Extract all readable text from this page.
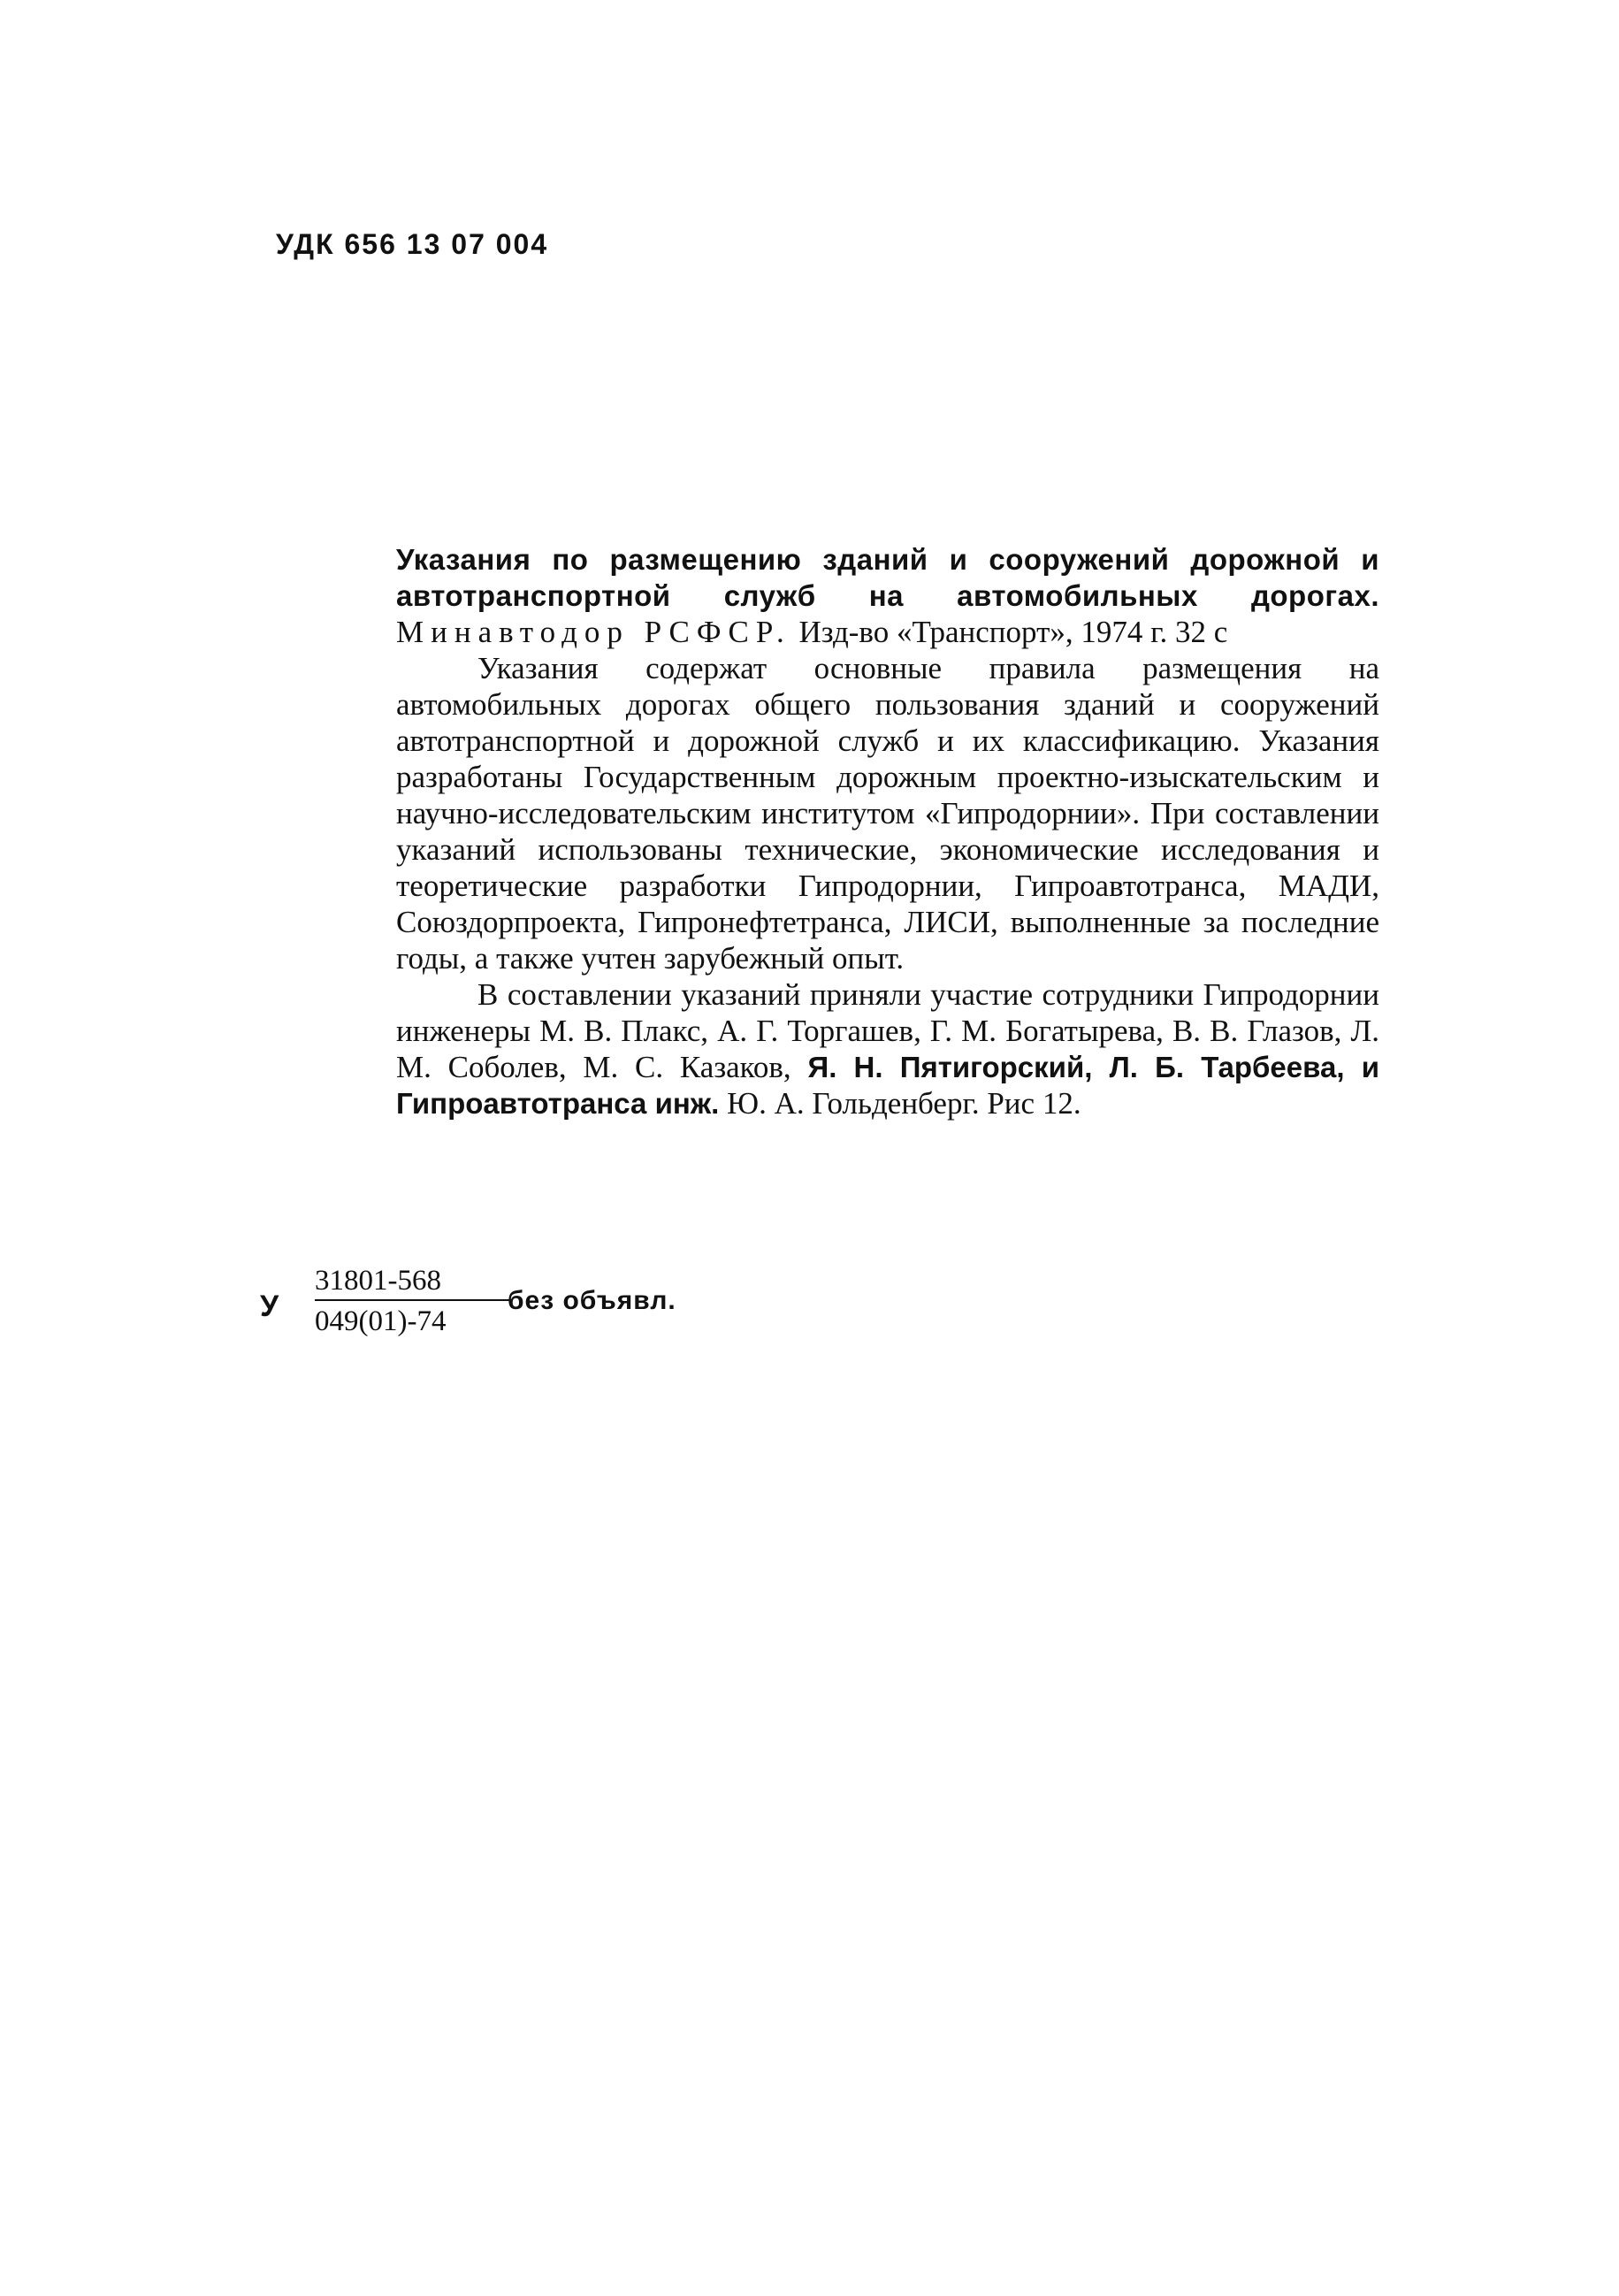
УДК 656 13 07 004

Указания по размещению зданий и сооружений дорожной и автотранспортной служб на автомобильных дорогах. Минавтодор РСФСР. Изд-во «Транспорт», 1974 г. 32 с

Указания содержат основные правила размещения на автомобильных дорогах общего пользования зданий и сооружений автотранспортной и дорожной служб и их классификацию. Указания разработаны Государственным дорожным проектно-изыскательским и научно-исследовательским институтом «Гипродорнии». При составлении указаний использованы технические, экономические исследования и теоретические разработки Гипродорнии, Гипроавтотранса, МАДИ, Союздорпроекта, Гипронефтетранса, ЛИСИ, выполненные за последние годы, а также учтен зарубежный опыт.

В составлении указаний приняли участие сотрудники Гипродорнии инженеры М. В. Плакс, А. Г. Торгашев, Г. М. Богатырева, В. В. Глазов, Л. М. Соболев, М. С. Казаков, Я. Н. Пятигорский, Л. Б. Тарбеева, и Гипроавтотранса инж. Ю. А. Гольденберг. Рис 12.

У
31801-568
049(01)-74
без объявл.
